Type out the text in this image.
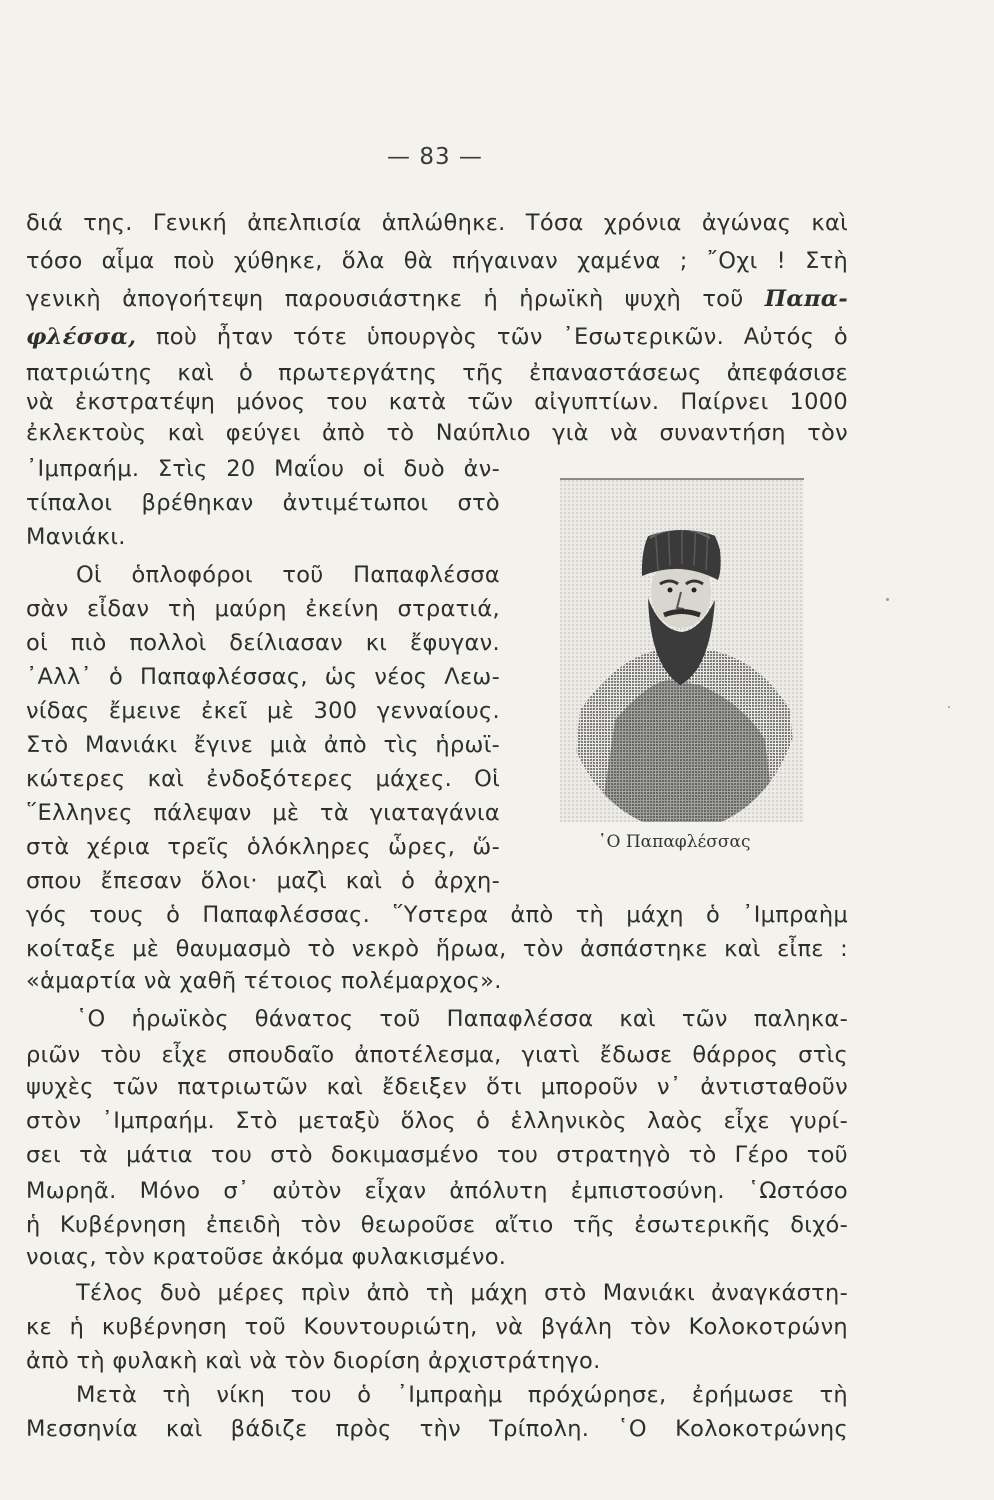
— 83 —
διά της. Γενική ἀπελπισία ἁπλώθηκε. Τόσα χρόνια ἀγώνας καὶ
τόσο αἷμα ποὺ χύθηκε, ὅλα θὰ πήγαιναν χαμένα ; ῎Οχι ! Στὴ
γενικὴ ἀπογοήτεψη παρουσιάστηκε ἡ ἡρωϊκὴ ψυχὴ τοῦ Παπα-
φλέσσα, ποὺ ἦταν τότε ὑπουργὸς τῶν ᾽Εσωτερικῶν. Αὐτός ὁ
πατριώτης καὶ ὁ πρωτεργάτης τῆς ἐπαναστάσεως ἀπεφάσισε
νὰ ἐκστρατέψη μόνος του κατὰ τῶν αἰγυπτίων. Παίρνει 1000
ἐκλεκτοὺς καὶ φεύγει ἀπὸ τὸ Ναύπλιο γιὰ νὰ συναντήση τὸν
᾽Ιμπραήμ. Στὶς 20 Μαΐου οἱ δυὸ ἀν-
τίπαλοι βρέθηκαν ἀντιμέτωποι στὸ
Μανιάκι.
Οἱ ὁπλοφόροι τοῦ Παπαφλέσσα
σὰν εἶδαν τὴ μαύρη ἐκείνη στρατιά,
οἱ πιὸ πολλοὶ δείλιασαν κι ἔφυγαν.
᾽Αλλ᾽ ὁ Παπαφλέσσας, ὡς νέος Λεω-
νίδας ἔμεινε ἐκεῖ μὲ 300 γενναίους.
Στὸ Μανιάκι ἔγινε μιὰ ἀπὸ τὶς ἡρωϊ-
κώτερες καὶ ἐνδοξότερες μάχες. Οἱ
῞Ελληνες πάλεψαν μὲ τὰ γιαταγάνια
στὰ χέρια τρεῖς ὁλόκληρες ὧρες, ὥ-
σπου ἔπεσαν ὅλοι· μαζὶ καὶ ὁ ἀρχη-
γός τους ὁ Παπαφλέσσας. ῞Υστερα ἀπὸ τὴ μάχη ὁ ᾽Ιμπραὴμ
κοίταξε μὲ θαυμασμὸ τὸ νεκρὸ ἥρωα, τὸν ἀσπάστηκε καὶ εἶπε :
«ἁμαρτία νὰ χαθῆ τέτοιος πολέμαρχος».
῾Ο ἡρωϊκὸς θάνατος τοῦ Παπαφλέσσα καὶ τῶν παληκα-
ριῶν τὸυ εἶχε σπουδαῖο ἀποτέλεσμα, γιατὶ ἔδωσε θάρρος στὶς
ψυχὲς τῶν πατριωτῶν καὶ ἔδειξεν ὅτι μποροῦν ν᾽ ἀντισταθοῦν
στὸν ᾽Ιμπραήμ. Στὸ μεταξὺ ὅλος ὁ ἑλληνικὸς λαὸς εἶχε γυρί-
σει τὰ μάτια του στὸ δοκιμασμένο του στρατηγὸ τὸ Γέρο τοῦ
Μωρηᾶ. Μόνο σ᾽ αὐτὸν εἶχαν ἀπόλυτη ἐμπιστοσύνη. ῾Ωστόσο
ἡ Κυβέρνηση ἐπειδὴ τὸν θεωροῦσε αἴτιο τῆς ἐσωτερικῆς διχό-
νοιας, τὸν κρατοῦσε ἀκόμα φυλακισμένο.
Τέλος δυὸ μέρες πρὶν ἀπὸ τὴ μάχη στὸ Μανιάκι ἀναγκάστη-
κε ἡ κυβέρνηση τοῦ Κουντουριώτη, νὰ βγάλη τὸν Κολοκοτρώνη
ἀπὸ τὴ φυλακὴ καὶ νὰ τὸν διορίση ἀρχιστράτηγο.
Μετὰ τὴ νίκη του ὁ ᾽Ιμπραὴμ πρόχώρησε, ἐρήμωσε τὴ
Μεσσηνία καὶ βάδιζε πρὸς τὴν Τρίπολη. ῾Ο Κολοκοτρώνης
῾Ο Παπαφλέσσας
